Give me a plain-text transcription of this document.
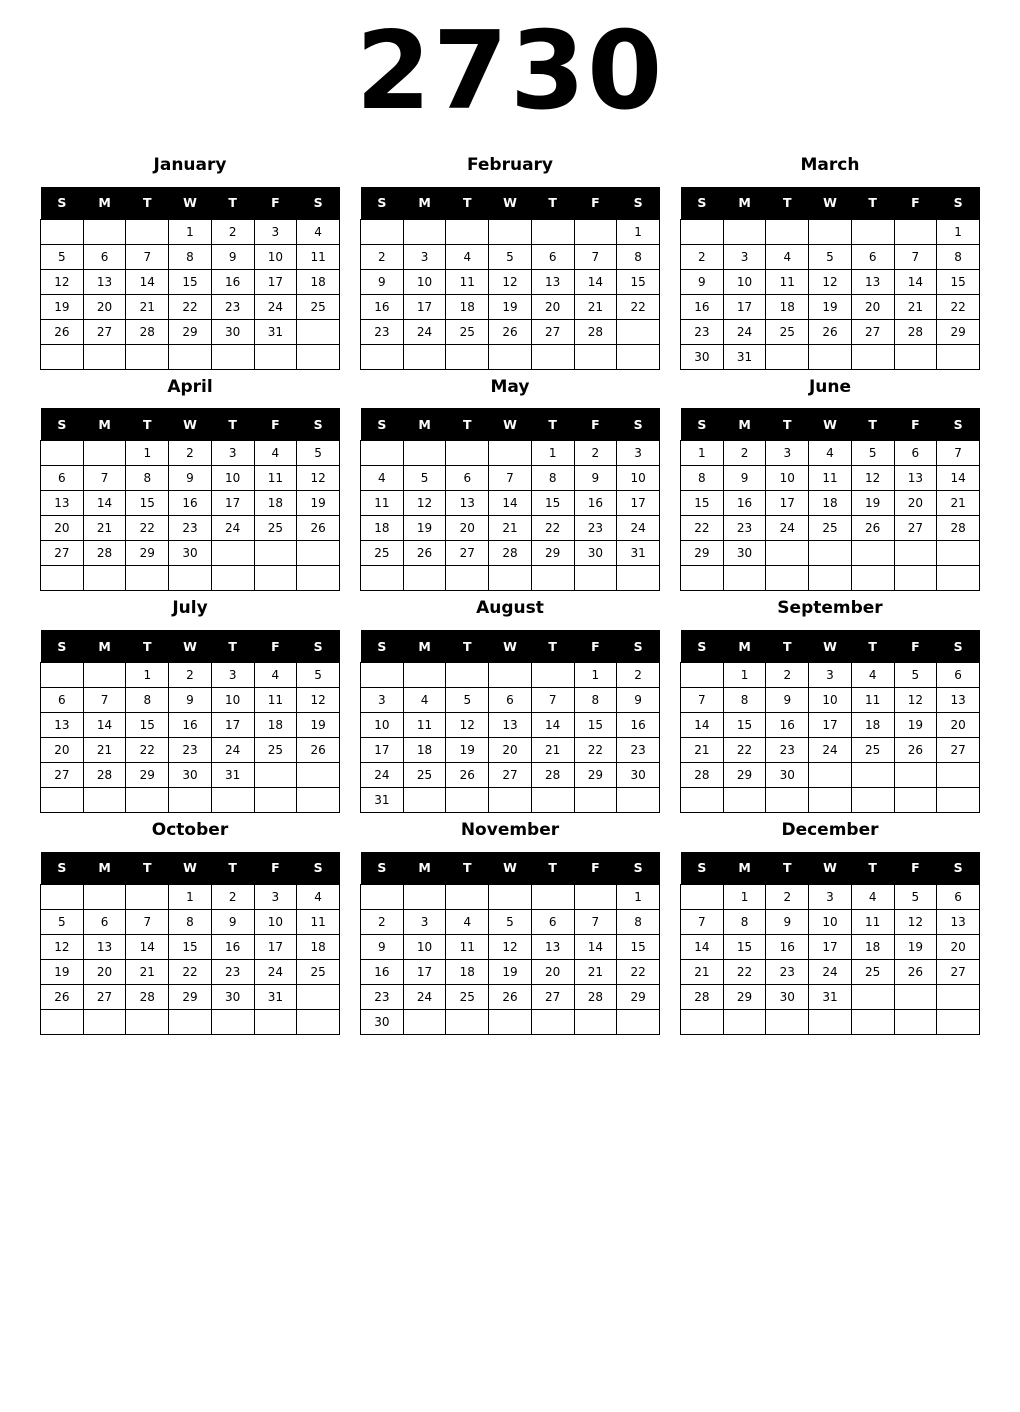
2730
January
S	M	T	W	T	F	S
			1	2	3	4
5	6	7	8	9	10	11
12	13	14	15	16	17	18
19	20	21	22	23	24	25
26	27	28	29	30	31	

February
S	M	T	W	T	F	S
						1
2	3	4	5	6	7	8
9	10	11	12	13	14	15
16	17	18	19	20	21	22
23	24	25	26	27	28	

March
S	M	T	W	T	F	S
						1
2	3	4	5	6	7	8
9	10	11	12	13	14	15
16	17	18	19	20	21	22
23	24	25	26	27	28	29
30	31					
April
S	M	T	W	T	F	S
		1	2	3	4	5
6	7	8	9	10	11	12
13	14	15	16	17	18	19
20	21	22	23	24	25	26
27	28	29	30			

May
S	M	T	W	T	F	S
				1	2	3
4	5	6	7	8	9	10
11	12	13	14	15	16	17
18	19	20	21	22	23	24
25	26	27	28	29	30	31

June
S	M	T	W	T	F	S
1	2	3	4	5	6	7
8	9	10	11	12	13	14
15	16	17	18	19	20	21
22	23	24	25	26	27	28
29	30					

July
S	M	T	W	T	F	S
		1	2	3	4	5
6	7	8	9	10	11	12
13	14	15	16	17	18	19
20	21	22	23	24	25	26
27	28	29	30	31		

August
S	M	T	W	T	F	S
					1	2
3	4	5	6	7	8	9
10	11	12	13	14	15	16
17	18	19	20	21	22	23
24	25	26	27	28	29	30
31						
September
S	M	T	W	T	F	S
	1	2	3	4	5	6
7	8	9	10	11	12	13
14	15	16	17	18	19	20
21	22	23	24	25	26	27
28	29	30				

October
S	M	T	W	T	F	S
			1	2	3	4
5	6	7	8	9	10	11
12	13	14	15	16	17	18
19	20	21	22	23	24	25
26	27	28	29	30	31	

November
S	M	T	W	T	F	S
						1
2	3	4	5	6	7	8
9	10	11	12	13	14	15
16	17	18	19	20	21	22
23	24	25	26	27	28	29
30						
December
S	M	T	W	T	F	S
	1	2	3	4	5	6
7	8	9	10	11	12	13
14	15	16	17	18	19	20
21	22	23	24	25	26	27
28	29	30	31			
